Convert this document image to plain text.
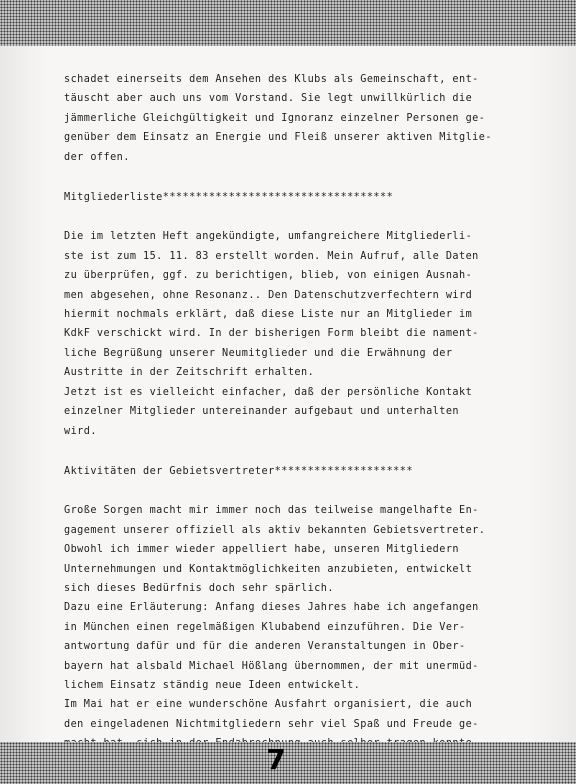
schadet einerseits dem Ansehen des Klubs als Gemeinschaft, ent-
täuscht aber auch uns vom Vorstand. Sie legt unwillkürlich die
jämmerliche Gleichgültigkeit und Ignoranz einzelner Personen ge-
genüber dem Einsatz an Energie und Fleiß unserer aktiven Mitglie-
der offen.

Mitgliederliste***********************************

Die im letzten Heft angekündigte, umfangreichere Mitgliederli-
ste ist zum 15. 11. 83 erstellt worden. Mein Aufruf, alle Daten
zu überprüfen, ggf. zu berichtigen, blieb, von einigen Ausnah-
men abgesehen, ohne Resonanz.. Den Datenschutzverfechtern wird
hiermit nochmals erklärt, daß diese Liste nur an Mitglieder im
KdkF verschickt wird. In der bisherigen Form bleibt die nament-
liche Begrüßung unserer Neumitglieder und die Erwähnung der
Austritte in der Zeitschrift erhalten.
Jetzt ist es vielleicht einfacher, daß der persönliche Kontakt
einzelner Mitglieder untereinander aufgebaut und unterhalten
wird.

Aktivitäten der Gebietsvertreter*********************

Große Sorgen macht mir immer noch das teilweise mangelhafte En-
gagement unserer offiziell als aktiv bekannten Gebietsvertreter.
Obwohl ich immer wieder appelliert habe, unseren Mitgliedern
Unternehmungen und Kontaktmöglichkeiten anzubieten, entwickelt
sich dieses Bedürfnis doch sehr spärlich.
Dazu eine Erläuterung: Anfang dieses Jahres habe ich angefangen
in München einen regelmäßigen Klubabend einzuführen. Die Ver-
antwortung dafür und für die anderen Veranstaltungen in Ober-
bayern hat alsbald Michael Hößlang übernommen, der mit unermüd-
lichem Einsatz ständig neue Ideen entwickelt.
Im Mai hat er eine wunderschöne Ausfahrt organisiert, die auch
den eingeladenen Nichtmitgliedern sehr viel Spaß und Freude ge-

7
